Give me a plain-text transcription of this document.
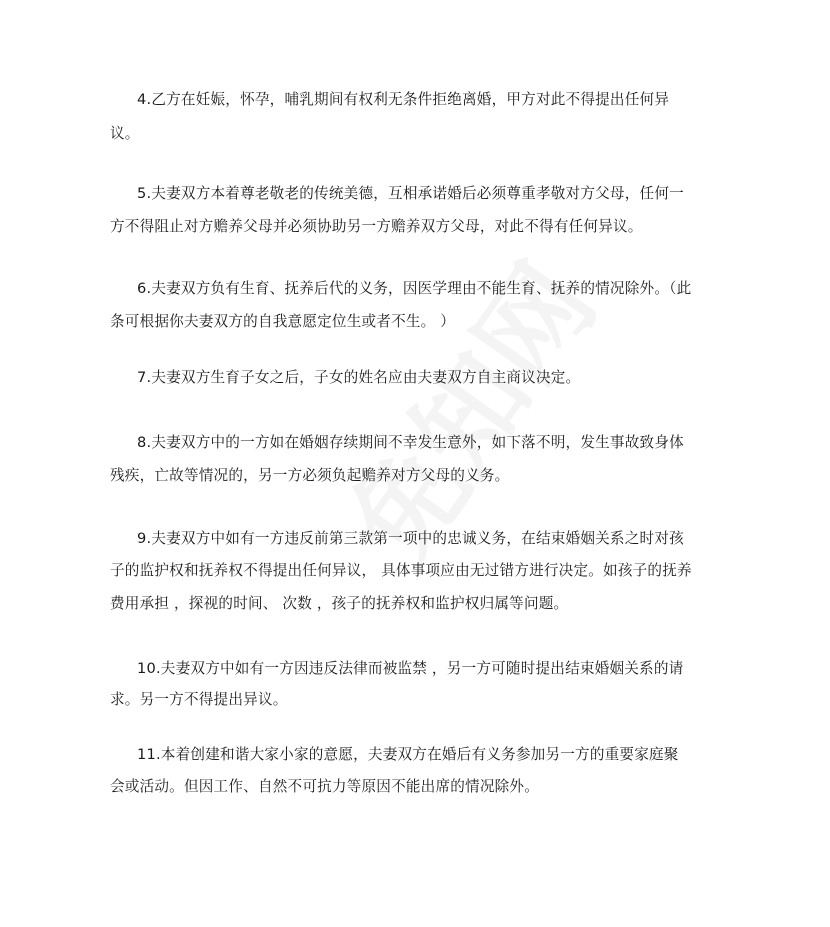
4.乙方在妊娠，怀孕，哺乳期间有权利无条件拒绝离婚，甲方对此不得提出任何异
议。
5.夫妻双方本着尊老敬老的传统美德，互相承诺婚后必须尊重孝敬对方父母，任何一
方不得阻止对方赡养父母并必须协助另一方赡养双方父母，对此不得有任何异议。
6.夫妻双方负有生育、抚养后代的义务，因医学理由不能生育、抚养的情况除外。（此
条可根据你夫妻双方的自我意愿定位生或者不生。 ）
7.夫妻双方生育子女之后，子女的姓名应由夫妻双方自主商议决定。
8.夫妻双方中的一方如在婚姻存续期间不幸发生意外，如下落不明，发生事故致身体
残疾，亡故等情况的，另一方必须负起赡养对方父母的义务。
9.夫妻双方中如有一方违反前第三款第一项中的忠诚义务，在结束婚姻关系之时对孩
子的监护权和抚养权不得提出任何异议， 具体事项应由无过错方进行决定。如孩子的抚养
费用承担 ，探视的时间、 次数 ，孩子的抚养权和监护权归属等问题。
10.夫妻双方中如有一方因违反法律而被监禁 ，另一方可随时提出结束婚姻关系的请
求。另一方不得提出异议。
11.本着创建和谐大家小家的意愿，夫妻双方在婚后有义务参加另一方的重要家庭聚
会或活动。但因工作、自然不可抗力等原因不能出席的情况除外。
